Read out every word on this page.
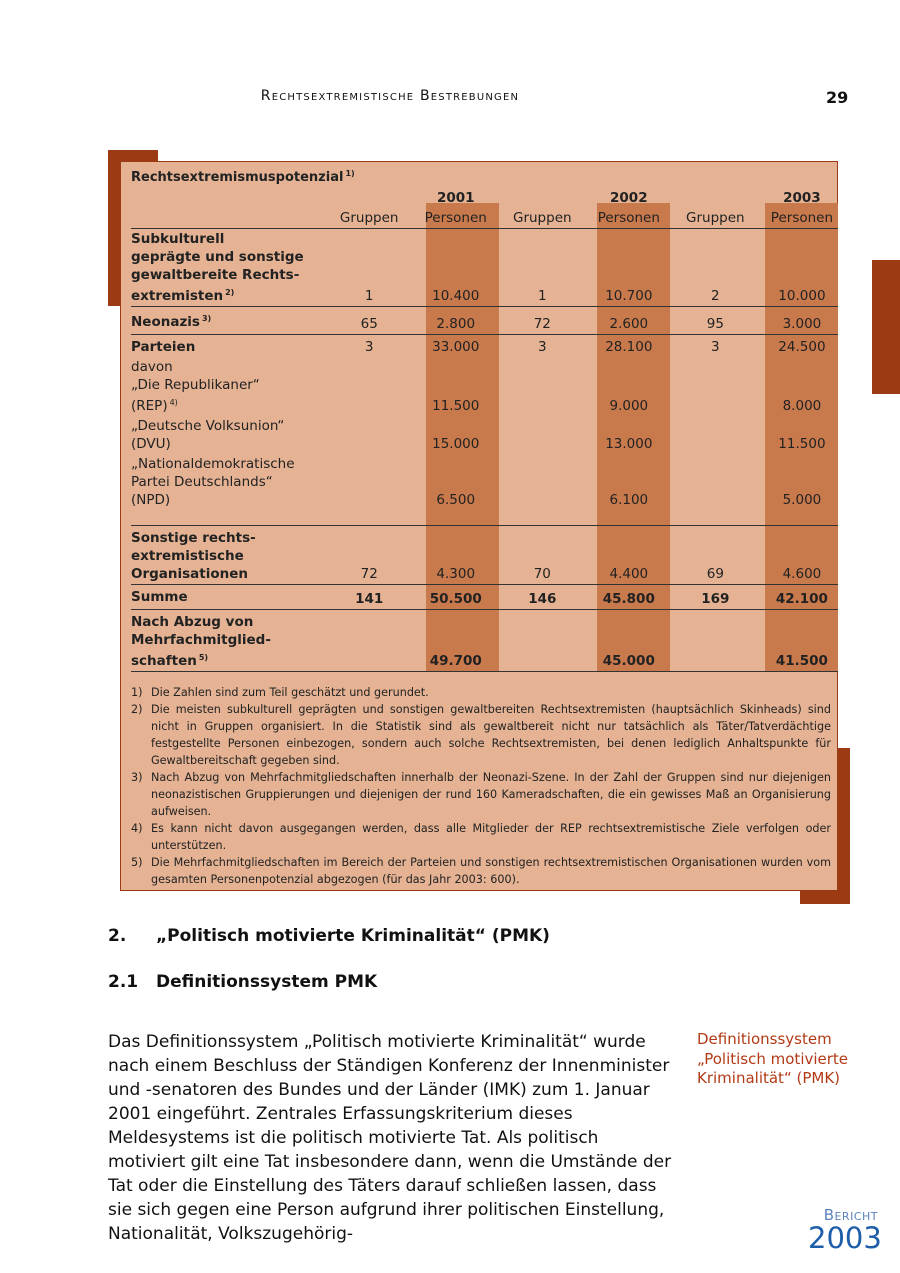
Rechtsextremistische Bestrebungen	29
Rechtsextremismuspotenzial $^{1)}$
		2001		2002		2003
	Gruppen	Personen	Gruppen	Personen	Gruppen	Personen

Subkulturell
geprägte und sonstige
gewaltbereite Rechts-
extremisten $^{2)}$	1	10.400	1	10.700	2	10.000
Neonazis $^{3)}$	65	2.800	72	2.600	95	3.000
Parteien	3	33.000	3	28.100	3	24.500

davon
„Die Republikaner“
(REP) $^{4)}$		11.500		9.000		8.000

„Deutsche Volksunion“
(DVU)		15.000		13.000		11.500

„Nationaldemokratische
Partei Deutschlands“
(NPD)		6.500		6.100		5.000

Sonstige rechts-
extremistische
Organisationen	72	4.300	70	4.400	69	4.600
Summe	141	50.500	146	45.800	169	42.100

Nach Abzug von
Mehrfachmitglied-
schaften $^{5)}$		49.700		45.000		41.500
1) Die Zahlen sind zum Teil geschätzt und gerundet.
2) Die meisten subkulturell geprägten und sonstigen gewaltbereiten Rechtsextremisten (hauptsächlich Skinheads) sind nicht in Gruppen organisiert. In die Statistik sind als gewaltbereit nicht nur tatsächlich als Täter/Tatverdächtige festgestellte Personen einbezogen, sondern auch solche Rechtsextremisten, bei denen lediglich Anhaltspunkte für Gewaltbereitschaft gegeben sind.
3) Nach Abzug von Mehrfachmitgliedschaften innerhalb der Neonazi-Szene. In der Zahl der Gruppen sind nur diejenigen neonazistischen Gruppierungen und diejenigen der rund 160 Kameradschaften, die ein gewisses Maß an Organisierung aufweisen.
4) Es kann nicht davon ausgegangen werden, dass alle Mitglieder der REP rechtsextremistische Ziele verfolgen oder unterstützen.
5) Die Mehrfachmitgliedschaften im Bereich der Parteien und sonstigen rechtsextremistischen Organisationen wurden vom gesamten Personenpotenzial abgezogen (für das Jahr 2003: 600).
2. „Politisch motivierte Kriminalität“ (PMK)
2.1 Definitionssystem PMK
Das Definitionssystem „Politisch motivierte Kriminalität“ wurde nach einem Beschluss der Ständigen Konferenz der Innenminister und -senatoren des Bundes und der Länder (IMK) zum 1. Januar 2001 eingeführt. Zentrales Erfassungskriterium dieses Meldesystems ist die politisch motivierte Tat. Als politisch motiviert gilt eine Tat insbesondere dann, wenn die Umstände der Tat oder die Einstellung des Täters darauf schließen lassen, dass sie sich gegen eine Person aufgrund ihrer politischen Einstellung, Nationalität, Volkszugehörig-
Definitionssystem „Politisch motivierte Kriminalität“ (PMK)
Bericht
2003
